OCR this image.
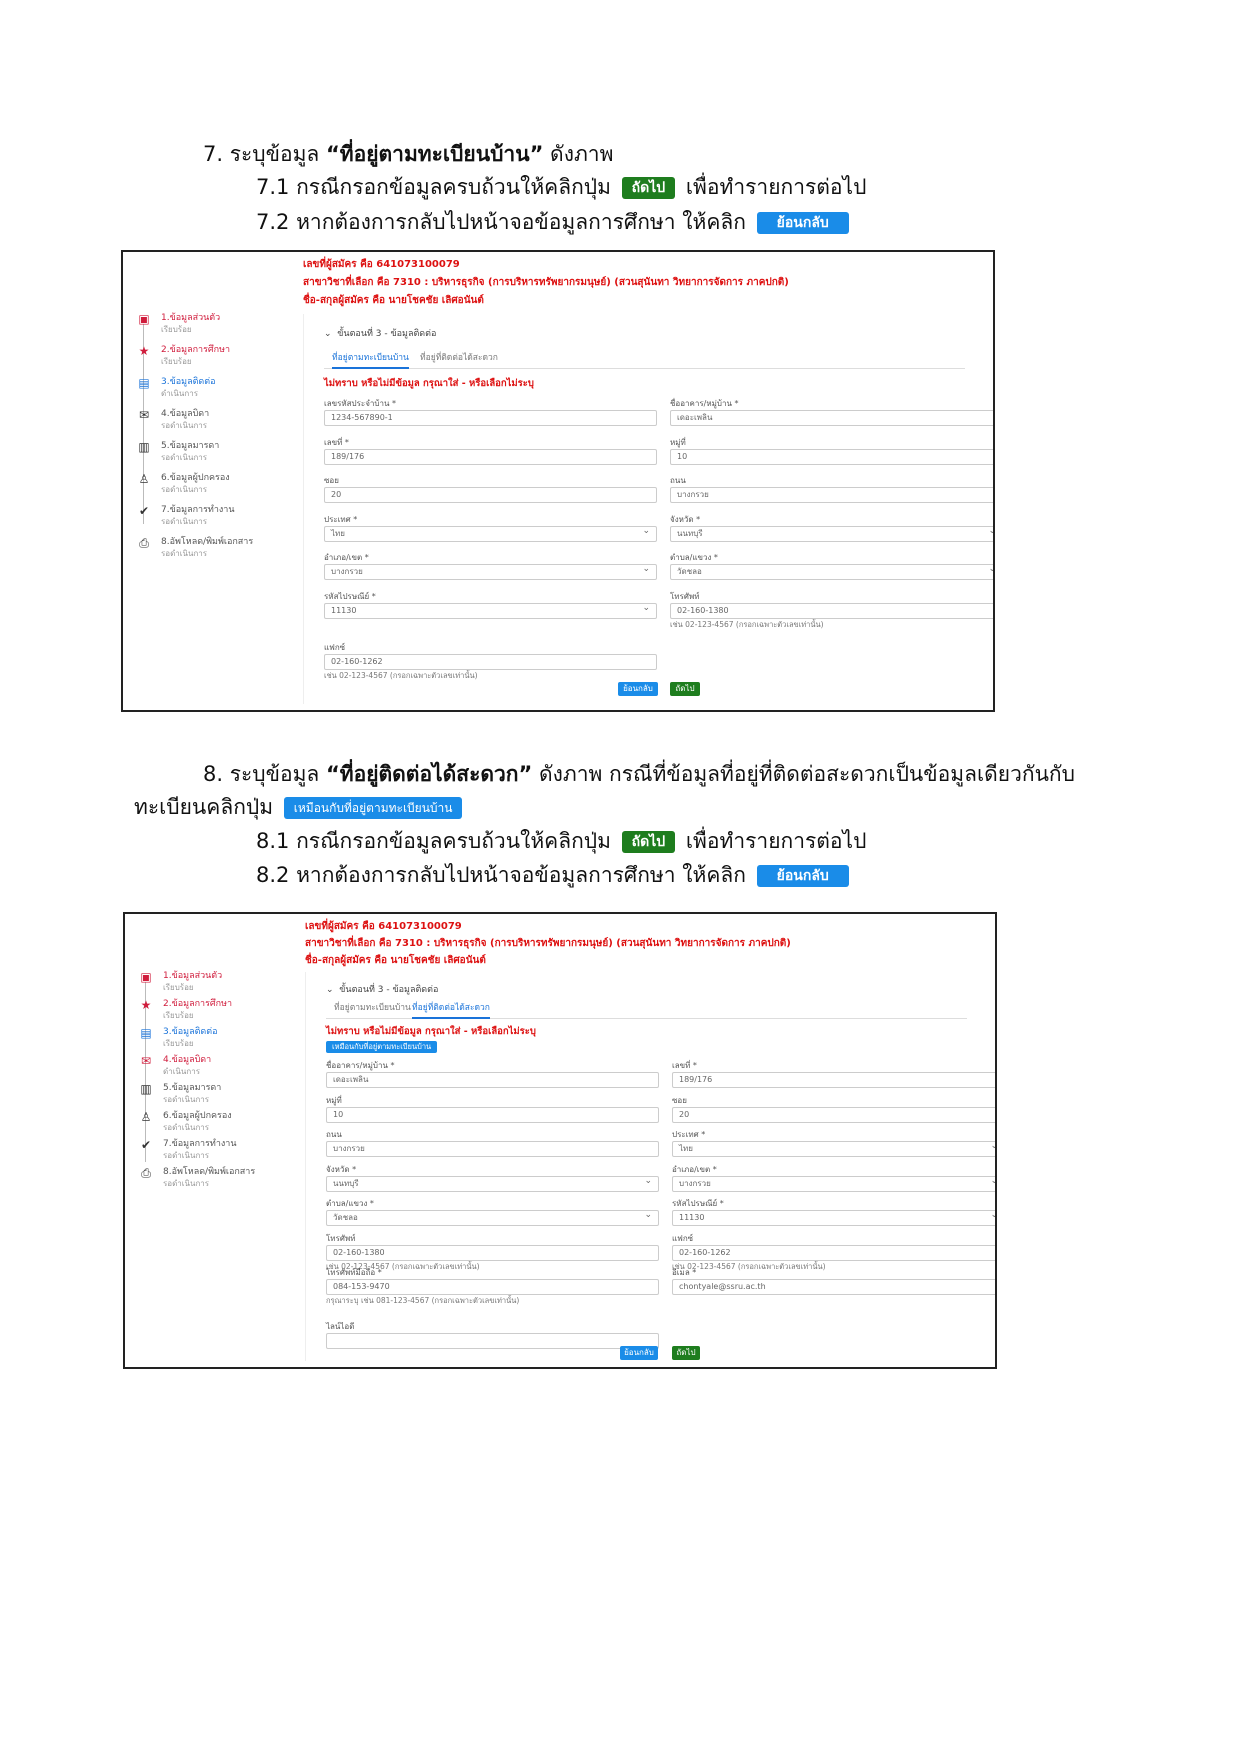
7. ระบุข้อมูล “ที่อยู่ตามทะเบียนบ้าน” ดังภาพ
7.1 กรณีกรอกข้อมูลครบถ้วนให้คลิกปุ่ม ถัดไป เพื่อทำรายการต่อไป
7.2 หากต้องการกลับไปหน้าจอข้อมูลการศึกษา ให้คลิก ย้อนกลับ
เลขที่ผู้สมัคร คือ 641073100079
สาขาวิชาที่เลือก คือ 7310 : บริหารธุรกิจ (การบริหารทรัพยากรมนุษย์) (สวนสุนันทา วิทยาการจัดการ ภาคปกติ)
ชื่อ-สกุลผู้สมัคร คือ นายโชคชัย เลิศอนันต์
▣ 1.ข้อมูลส่วนตัว
เรียบร้อย
★ 2.ข้อมูลการศึกษา
เรียบร้อย
▤ 3.ข้อมูลติดต่อ
ดำเนินการ
✉ 4.ข้อมูลบิดา
รอดำเนินการ
▥ 5.ข้อมูลมารดา
รอดำเนินการ
♙ 6.ข้อมูลผู้ปกครอง
รอดำเนินการ
✔ 7.ข้อมูลการทำงาน
รอดำเนินการ
⎙ 8.อัพโหลด/พิมพ์เอกสาร
รอดำเนินการ
⌄  ขั้นตอนที่ 3 - ข้อมูลติดต่อ
ที่อยู่ตามทะเบียนบ้าน ที่อยู่ที่ติดต่อได้สะดวก
ไม่ทราบ หรือไม่มีข้อมูล กรุณาใส่ - หรือเลือกไม่ระบุ
เลขรหัสประจำบ้าน *
1234-567890-1
ชื่ออาคาร/หมู่บ้าน *
เดอะเพลิน
เลขที่ *
189/176
หมู่ที่
10
ซอย
20
ถนน
บางกรวย
ประเทศ *
ไทย ⌄
จังหวัด *
นนทบุรี ⌄
อำเภอ/เขต *
บางกรวย ⌄
ตำบล/แขวง *
วัดชลอ ⌄
รหัสไปรษณีย์ *
11130 ⌄
โทรศัพท์
02-160-1380
เช่น 02-123-4567 (กรอกเฉพาะตัวเลขเท่านั้น)
แฟกซ์
02-160-1262
เช่น 02-123-4567 (กรอกเฉพาะตัวเลขเท่านั้น)
ย้อนกลับ	ถัดไป
8. ระบุข้อมูล “ที่อยู่ติดต่อได้สะดวก” ดังภาพ กรณีที่ข้อมูลที่อยู่ที่ติดต่อสะดวกเป็นข้อมูลเดียวกันกับ
ทะเบียนคลิกปุ่ม เหมือนกับที่อยู่ตามทะเบียนบ้าน
8.1 กรณีกรอกข้อมูลครบถ้วนให้คลิกปุ่ม ถัดไป เพื่อทำรายการต่อไป
8.2 หากต้องการกลับไปหน้าจอข้อมูลการศึกษา ให้คลิก ย้อนกลับ
เลขที่ผู้สมัคร คือ 641073100079
สาขาวิชาที่เลือก คือ 7310 : บริหารธุรกิจ (การบริหารทรัพยากรมนุษย์) (สวนสุนันทา วิทยาการจัดการ ภาคปกติ)
ชื่อ-สกุลผู้สมัคร คือ นายโชคชัย เลิศอนันต์
▣ 1.ข้อมูลส่วนตัว
เรียบร้อย
★ 2.ข้อมูลการศึกษา
เรียบร้อย
▤ 3.ข้อมูลติดต่อ
เรียบร้อย
✉ 4.ข้อมูลบิดา
ดำเนินการ
▥ 5.ข้อมูลมารดา
รอดำเนินการ
♙ 6.ข้อมูลผู้ปกครอง
รอดำเนินการ
✔ 7.ข้อมูลการทำงาน
รอดำเนินการ
⎙ 8.อัพโหลด/พิมพ์เอกสาร
รอดำเนินการ
⌄  ขั้นตอนที่ 3 - ข้อมูลติดต่อ
ที่อยู่ตามทะเบียนบ้าน ที่อยู่ที่ติดต่อได้สะดวก
ไม่ทราบ หรือไม่มีข้อมูล กรุณาใส่ - หรือเลือกไม่ระบุ
เหมือนกับที่อยู่ตามทะเบียนบ้าน
ชื่ออาคาร/หมู่บ้าน *
เดอะเพลิน
เลขที่ *
189/176
หมู่ที่
10
ซอย
20
ถนน
บางกรวย
ประเทศ *
ไทย ⌄
จังหวัด *
นนทบุรี ⌄
อำเภอ/เขต *
บางกรวย ⌄
ตำบล/แขวง *
วัดชลอ ⌄
รหัสไปรษณีย์ *
11130 ⌄
โทรศัพท์
02-160-1380
เช่น 02-123-4567 (กรอกเฉพาะตัวเลขเท่านั้น)
แฟกซ์
02-160-1262
เช่น 02-123-4567 (กรอกเฉพาะตัวเลขเท่านั้น)
โทรศัพท์มือถือ *
084-153-9470
กรุณาระบุ เช่น 081-123-4567 (กรอกเฉพาะตัวเลขเท่านั้น)
อีเมล *
chontyale@ssru.ac.th
ไลน์ไอดี
ย้อนกลับ	ถัดไป
